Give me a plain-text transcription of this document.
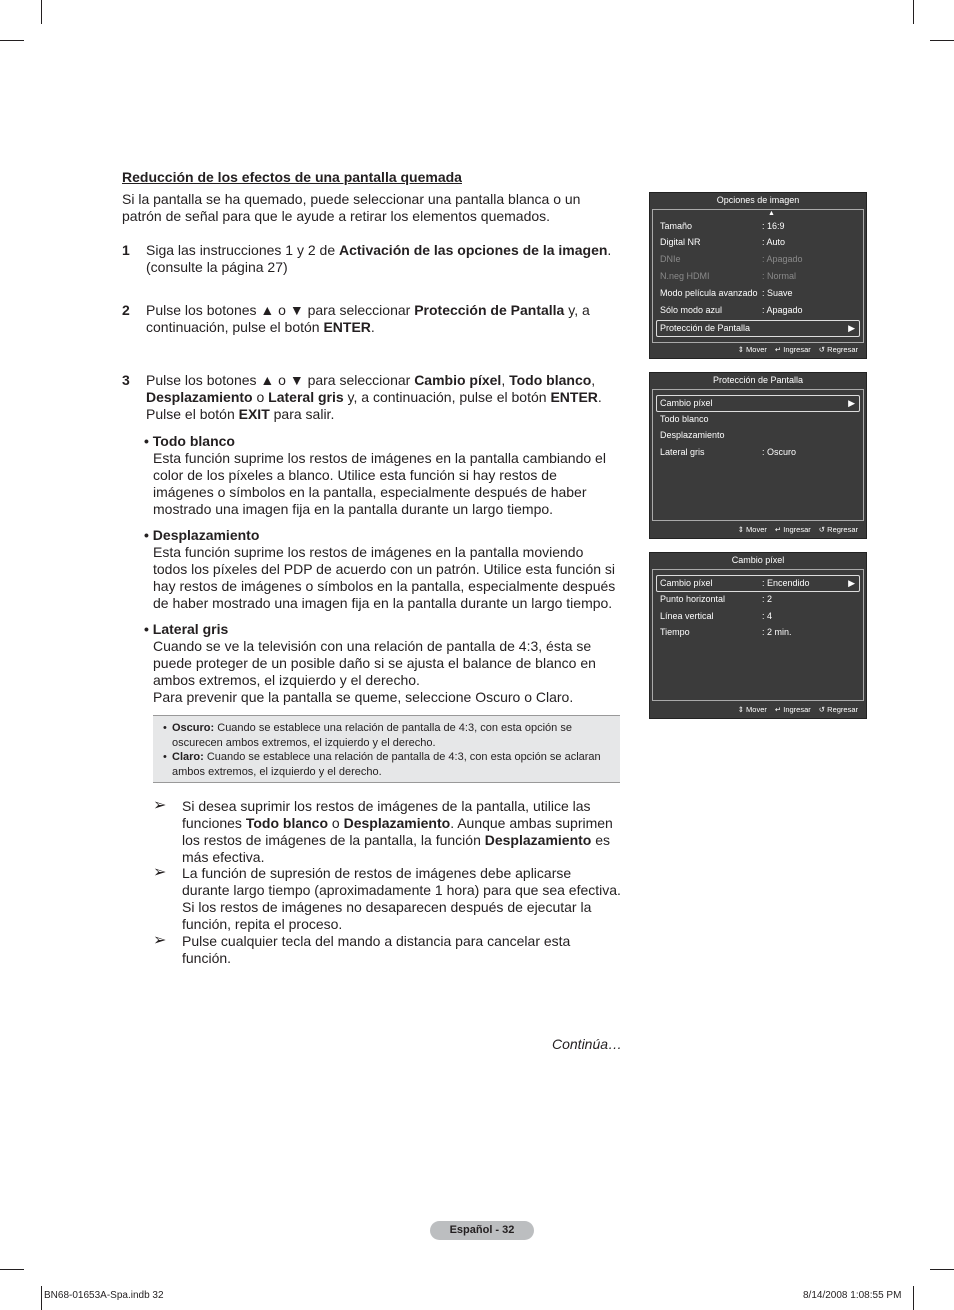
Reducción de los efectos de una pantalla quemada
Si la pantalla se ha quemado, puede seleccionar una pantalla blanca o un patrón de señal para que le ayude a retirar los elementos quemados.
1 Siga las instrucciones 1 y 2 de Activación de las opciones de la imagen. (consulte la página 27)
2 Pulse los botones ▲ o ▼ para seleccionar Protección de Pantalla y, a continuación, pulse el botón ENTER.
3 Pulse los botones ▲ o ▼ para seleccionar Cambio píxel, Todo blanco, Desplazamiento o Lateral gris y, a continuación, pulse el botón ENTER. Pulse el botón EXIT para salir.
• Todo blanco
Esta función suprime los restos de imágenes en la pantalla cambiando el color de los píxeles a blanco. Utilice esta función si hay restos de imágenes o símbolos en la pantalla, especialmente después de haber mostrado una imagen fija en la pantalla durante un largo tiempo.
• Desplazamiento
Esta función suprime los restos de imágenes en la pantalla moviendo todos los píxeles del PDP de acuerdo con un patrón. Utilice esta función si hay restos de imágenes o símbolos en la pantalla, especialmente después de haber mostrado una imagen fija en la pantalla durante un largo tiempo.
• Lateral gris
Cuando se ve la televisión con una relación de pantalla de 4:3, ésta se puede proteger de un posible daño si se ajusta el balance de blanco en ambos extremos, el izquierdo y el derecho.
Para prevenir que la pantalla se queme, seleccione Oscuro o Claro.
• Oscuro: Cuando se establece una relación de pantalla de 4:3, con esta opción se oscurecen ambos extremos, el izquierdo y el derecho.
• Claro: Cuando se establece una relación de pantalla de 4:3, con esta opción se aclaran ambos extremos, el izquierdo y el derecho.
➢ Si desea suprimir los restos de imágenes de la pantalla, utilice las funciones Todo blanco o Desplazamiento. Aunque ambas suprimen los restos de imágenes de la pantalla, la función Desplazamiento es más efectiva.
➢ La función de supresión de restos de imágenes debe aplicarse durante largo tiempo (aproximadamente 1 hora) para que sea efectiva. Si los restos de imágenes no desaparecen después de ejecutar la función, repita el proceso.
➢ Pulse cualquier tecla del mando a distancia para cancelar esta función.
Continúa…
Opciones de imagen
▲
Tamaño	: 16:9
Digital NR	: Auto
DNIe	: Apagado
N.neg HDMI	: Normal
Modo película avanzado : Suave
Sólo modo azul	: Apagado
Protección de Pantalla	▶
⇕ Mover ↵ Ingresar ↺ Regresar
Protección de Pantalla
Cambio píxel	▶
Todo blanco
Desplazamiento
Lateral gris	: Oscuro
⇕ Mover ↵ Ingresar ↺ Regresar
Cambio píxel
Cambio píxel	: Encendido	▶
Punto horizontal	: 2
Línea vertical	: 4
Tiempo	: 2 min.
⇕ Mover ↵ Ingresar ↺ Regresar
Español - 32
BN68-01653A-Spa.indb 32	8/14/2008 1:08:55 PM
